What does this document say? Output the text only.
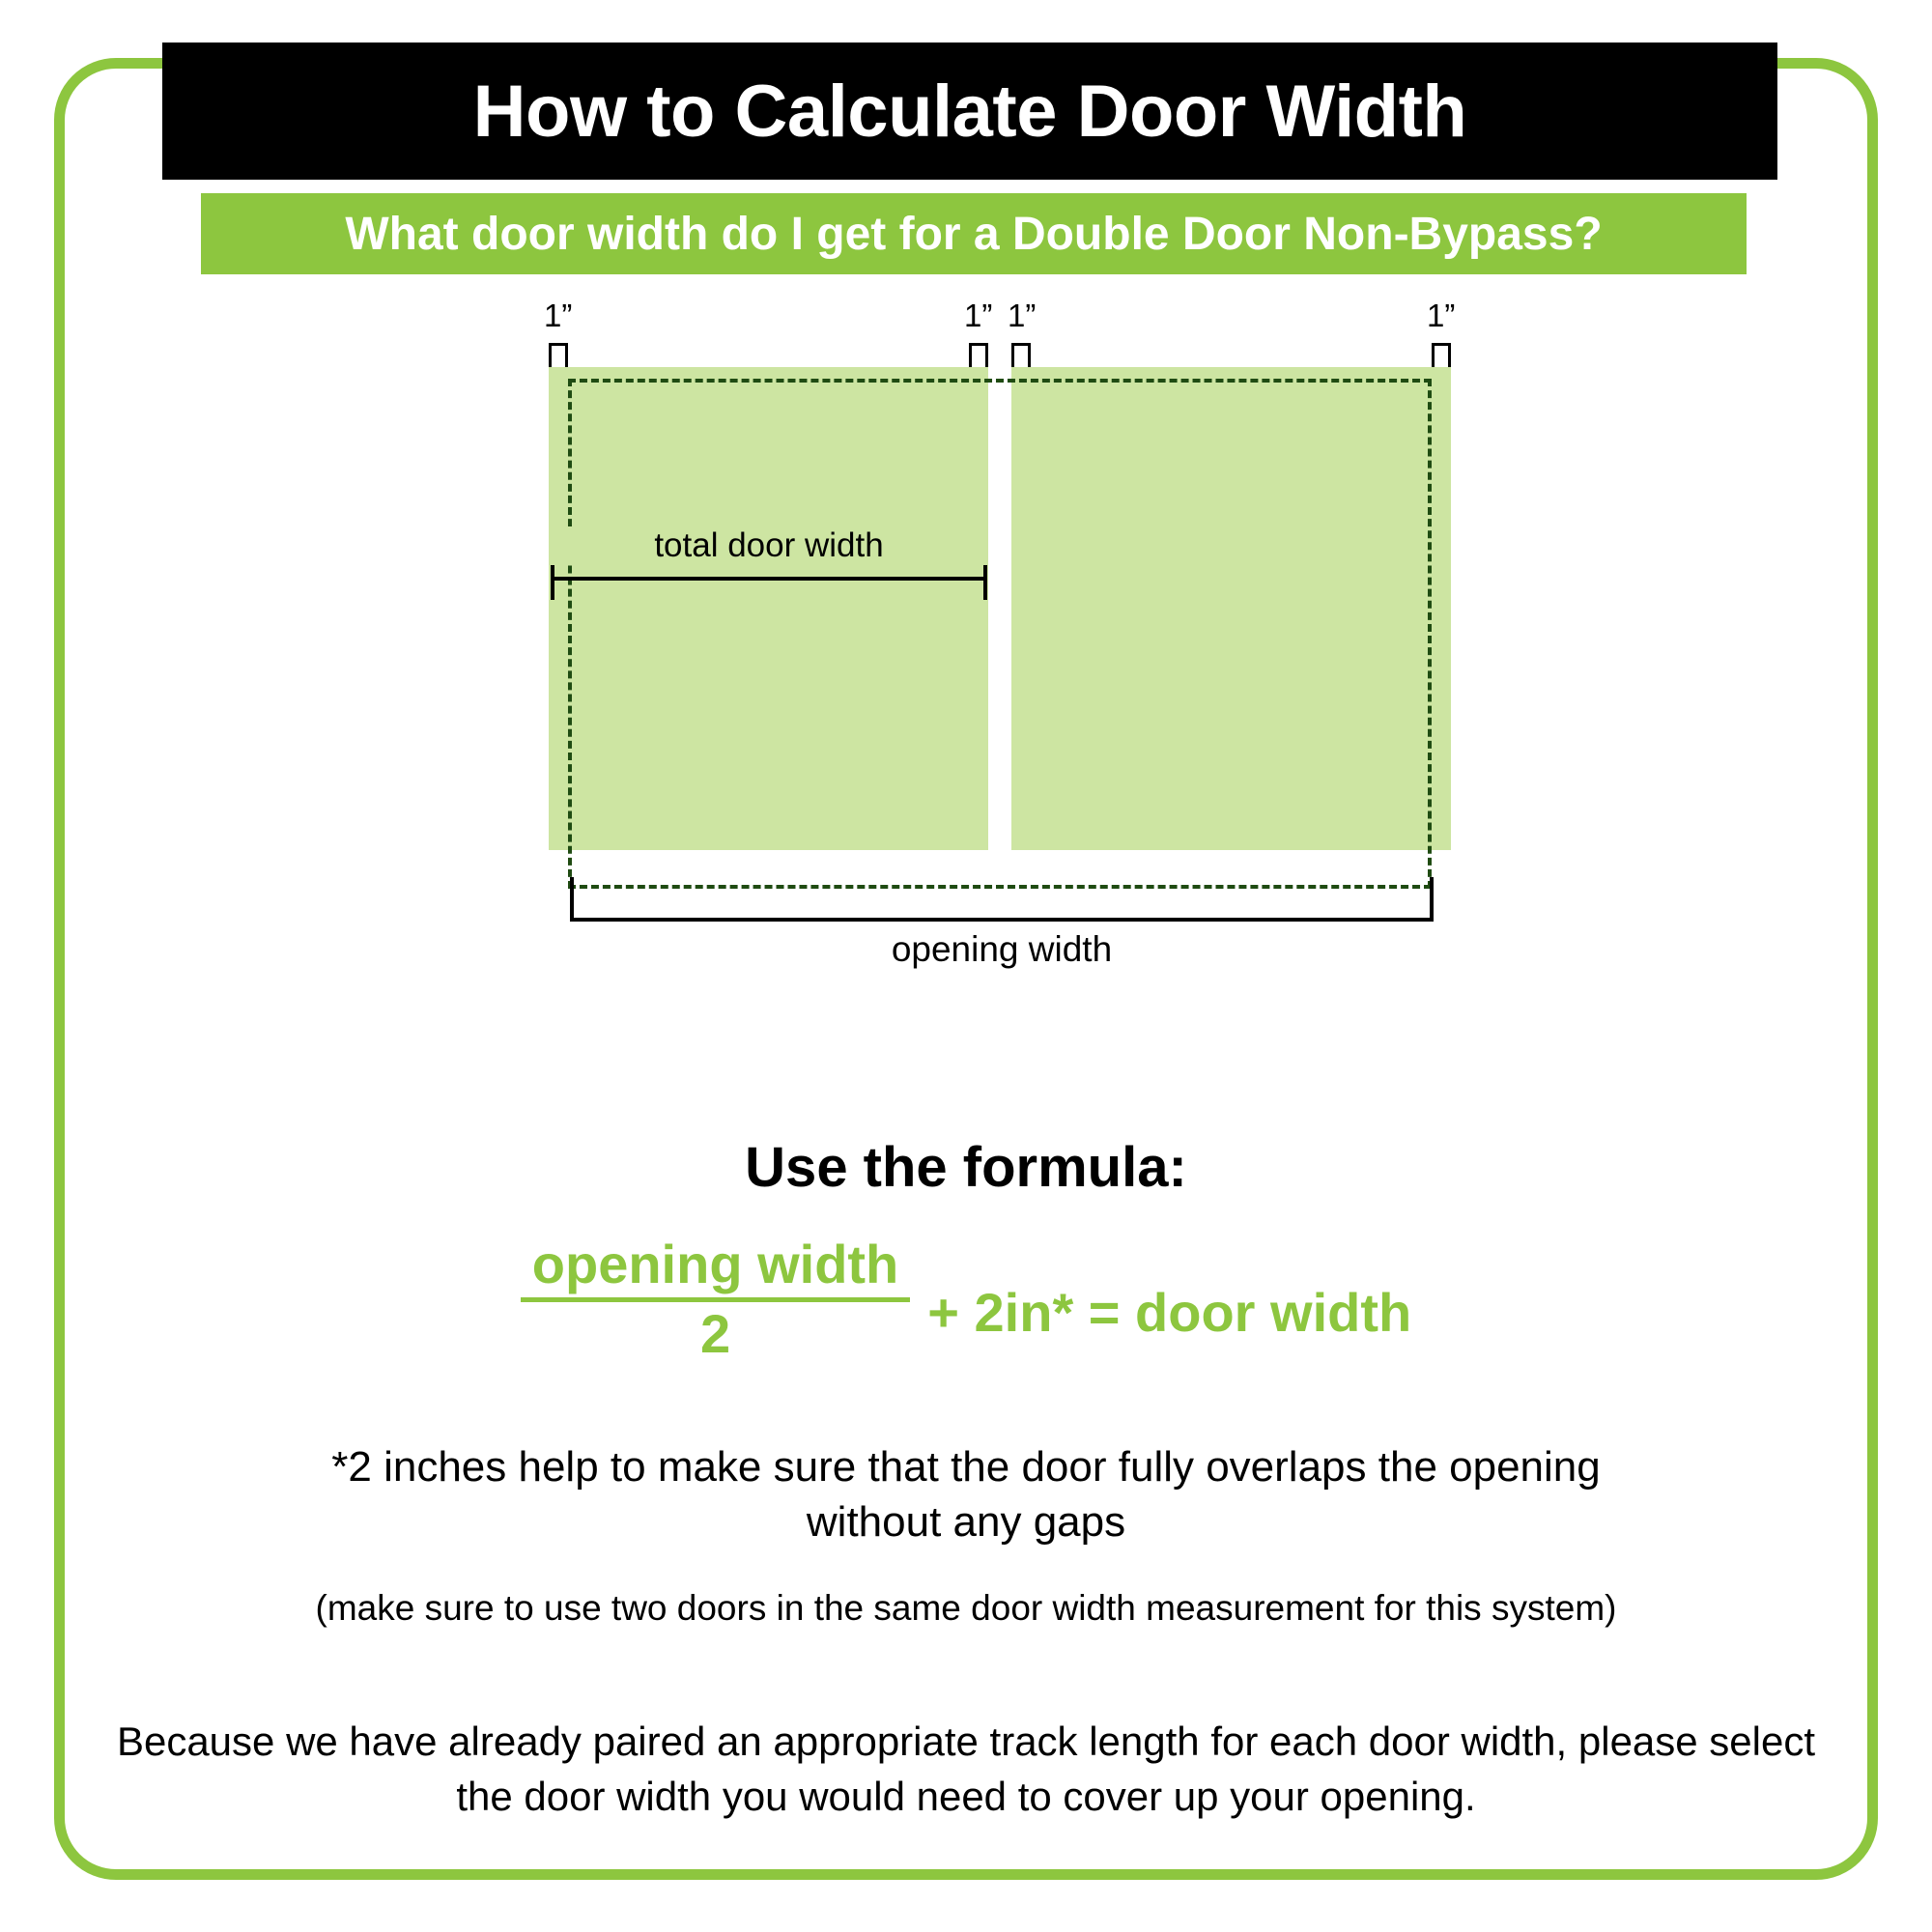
How to Calculate Door Width
What door width do I get for a Double Door Non-Bypass?
1”	1” 1”	1”
total door width
opening width
Use the formula:
opening width
2	+ 2in* = door width
*2 inches help to make sure that the door fully overlaps the opening without any gaps
(make sure to use two doors in the same door width measurement for this system)
Because we have already paired an appropriate track length for each door width, please select the door width you would need to cover up your opening.
